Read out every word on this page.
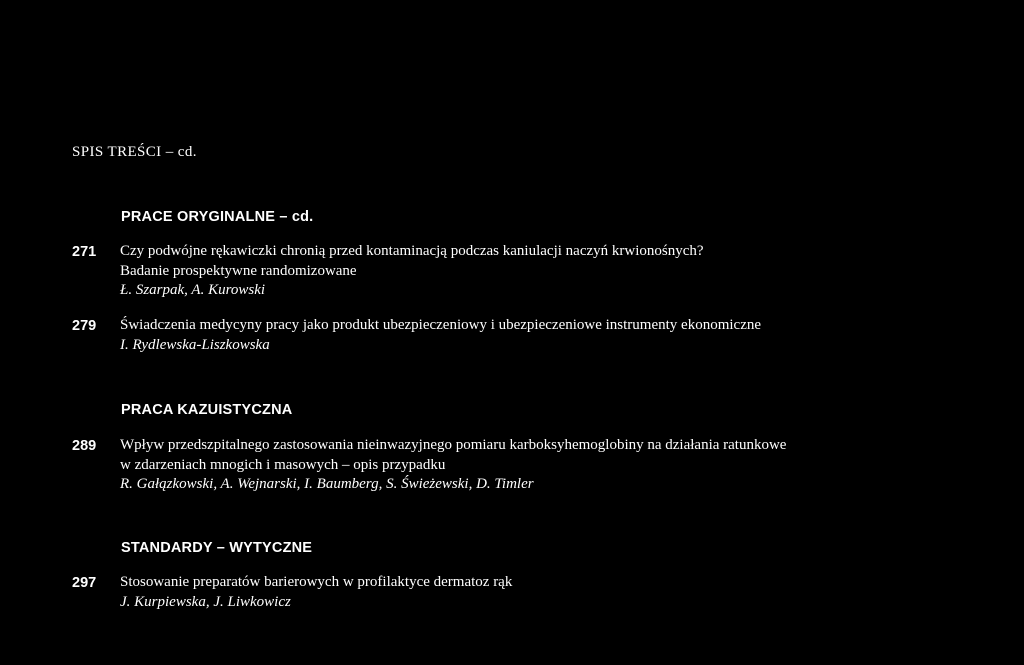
SPIS TREŚCI – cd.
PRACE ORYGINALNE – cd.
271	Czy podwójne rękawiczki chronią przed kontaminacją podczas kaniulacji naczyń krwionośnych?
Badanie prospektywne randomizowane
Ł. Szarpak, A. Kurowski
279	Świadczenia medycyny pracy jako produkt ubezpieczeniowy i ubezpieczeniowe instrumenty ekonomiczne
I. Rydlewska-Liszkowska
PRACA KAZUISTYCZNA
289	Wpływ przedszpitalnego zastosowania nieinwazyjnego pomiaru karboksyhemoglobiny na działania ratunkowe
w zdarzeniach mnogich i masowych – opis przypadku
R. Gałązkowski, A. Wejnarski, I. Baumberg, S. Świeżewski, D. Timler
STANDARDY – WYTYCZNE
297	Stosowanie preparatów barierowych w profilaktyce dermatoz rąk
J. Kurpiewska, J. Liwkowicz
